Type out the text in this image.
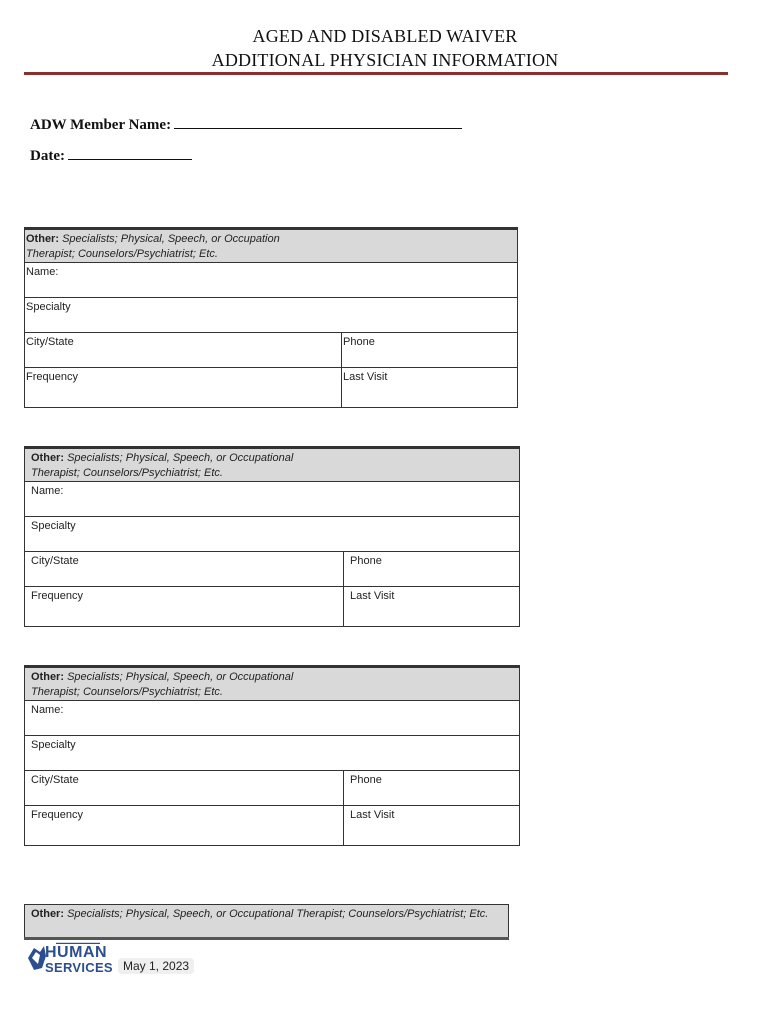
AGED AND DISABLED WAIVER
ADDITIONAL PHYSICIAN INFORMATION
ADW Member Name:
Date:
Other: Specialists; Physical, Speech, or Occupation
Therapist; Counselors/Psychiatrist; Etc.	
Name:	
Specialty	
City/State	Phone
Frequency	Last Visit
Other: Specialists; Physical, Speech, or Occupational
Therapist; Counselors/Psychiatrist; Etc.	
Name:	
Specialty	
City/State	Phone
Frequency	Last Visit
Other: Specialists; Physical, Speech, or Occupational
Therapist; Counselors/Psychiatrist; Etc.	
Name:	
Specialty	
City/State	Phone
Frequency	Last Visit
Other: Specialists; Physical, Speech, or Occupational Therapist; Counselors/Psychiatrist; Etc.
▬▬▬▬▬▬▬▬▬▬▬
HUMAN
SERVICES May 1, 2023
